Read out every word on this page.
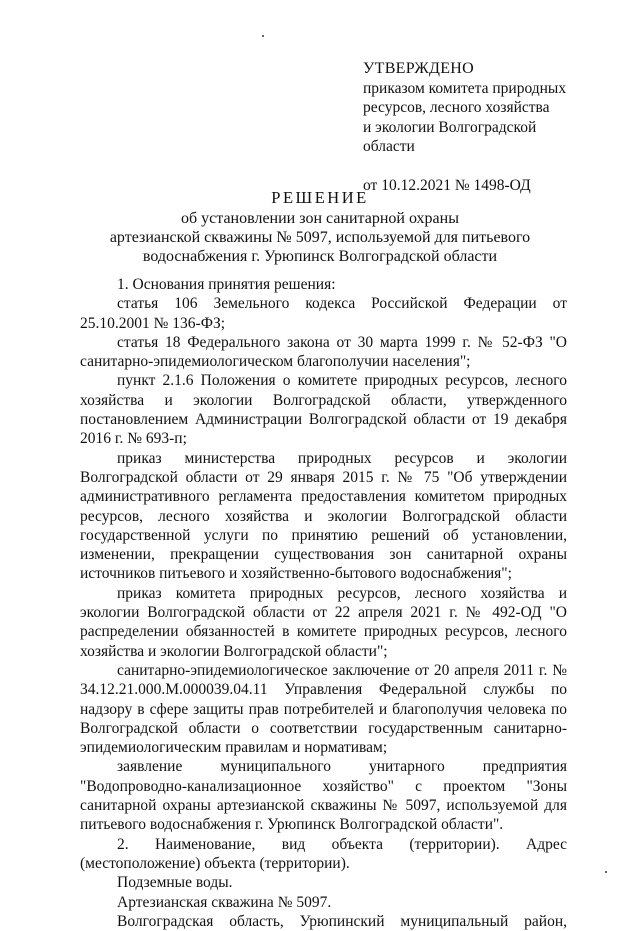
УТВЕРЖДЕНО
приказом комитета природных
ресурсов, лесного хозяйства
и экологии Волгоградской
области
от 10.12.2021 № 1498-ОД
РЕШЕНИЕ
об установлении зон санитарной охраны
артезианской скважины № 5097, используемой для питьевого
водоснабжения г. Урюпинск Волгоградской области

1. Основания принятия решения:

статья 106 Земельного кодекса Российской Федерации от 25.10.2001 № 136-ФЗ;

статья 18 Федерального закона от 30 марта 1999 г. № 52-ФЗ "О санитарно-эпидемиологическом благополучии населения";

пункт 2.1.6 Положения о комитете природных ресурсов, лесного хозяйства и экологии Волгоградской области, утвержденного постановлением Администрации Волгоградской области от 19 декабря 2016 г. № 693-п;

приказ министерства природных ресурсов и экологии Волгоградской области от 29 января 2015 г. № 75 "Об утверждении административного регламента предоставления комитетом природных ресурсов, лесного хозяйства и экологии Волгоградской области государственной услуги по принятию решений об установлении, изменении, прекращении существования зон санитарной охраны источников питьевого и хозяйственно-бытового водоснабжения";

приказ комитета природных ресурсов, лесного хозяйства и экологии Волгоградской области от 22 апреля 2021 г. № 492-ОД "О распределении обязанностей в комитете природных ресурсов, лесного хозяйства и экологии Волгоградской области";

санитарно-эпидемиологическое заключение от 20 апреля 2011 г. № 34.12.21.000.М.000039.04.11 Управления Федеральной службы по надзору в сфере защиты прав потребителей и благополучия человека по Волгоградской области о соответствии государственным санитарно-эпидемиологическим правилам и нормативам;

заявление муниципального унитарного предприятия "Водопроводно-канализационное хозяйство" с проектом "Зоны санитарной охраны артезианской скважины № 5097, используемой для питьевого водоснабжения г. Урюпинск Волгоградской области".

2. Наименование, вид объекта (территории). Адрес (местоположение) объекта (территории).

Подземные воды.

Артезианская скважина № 5097.

Волгоградская область, Урюпинский муниципальный район,
